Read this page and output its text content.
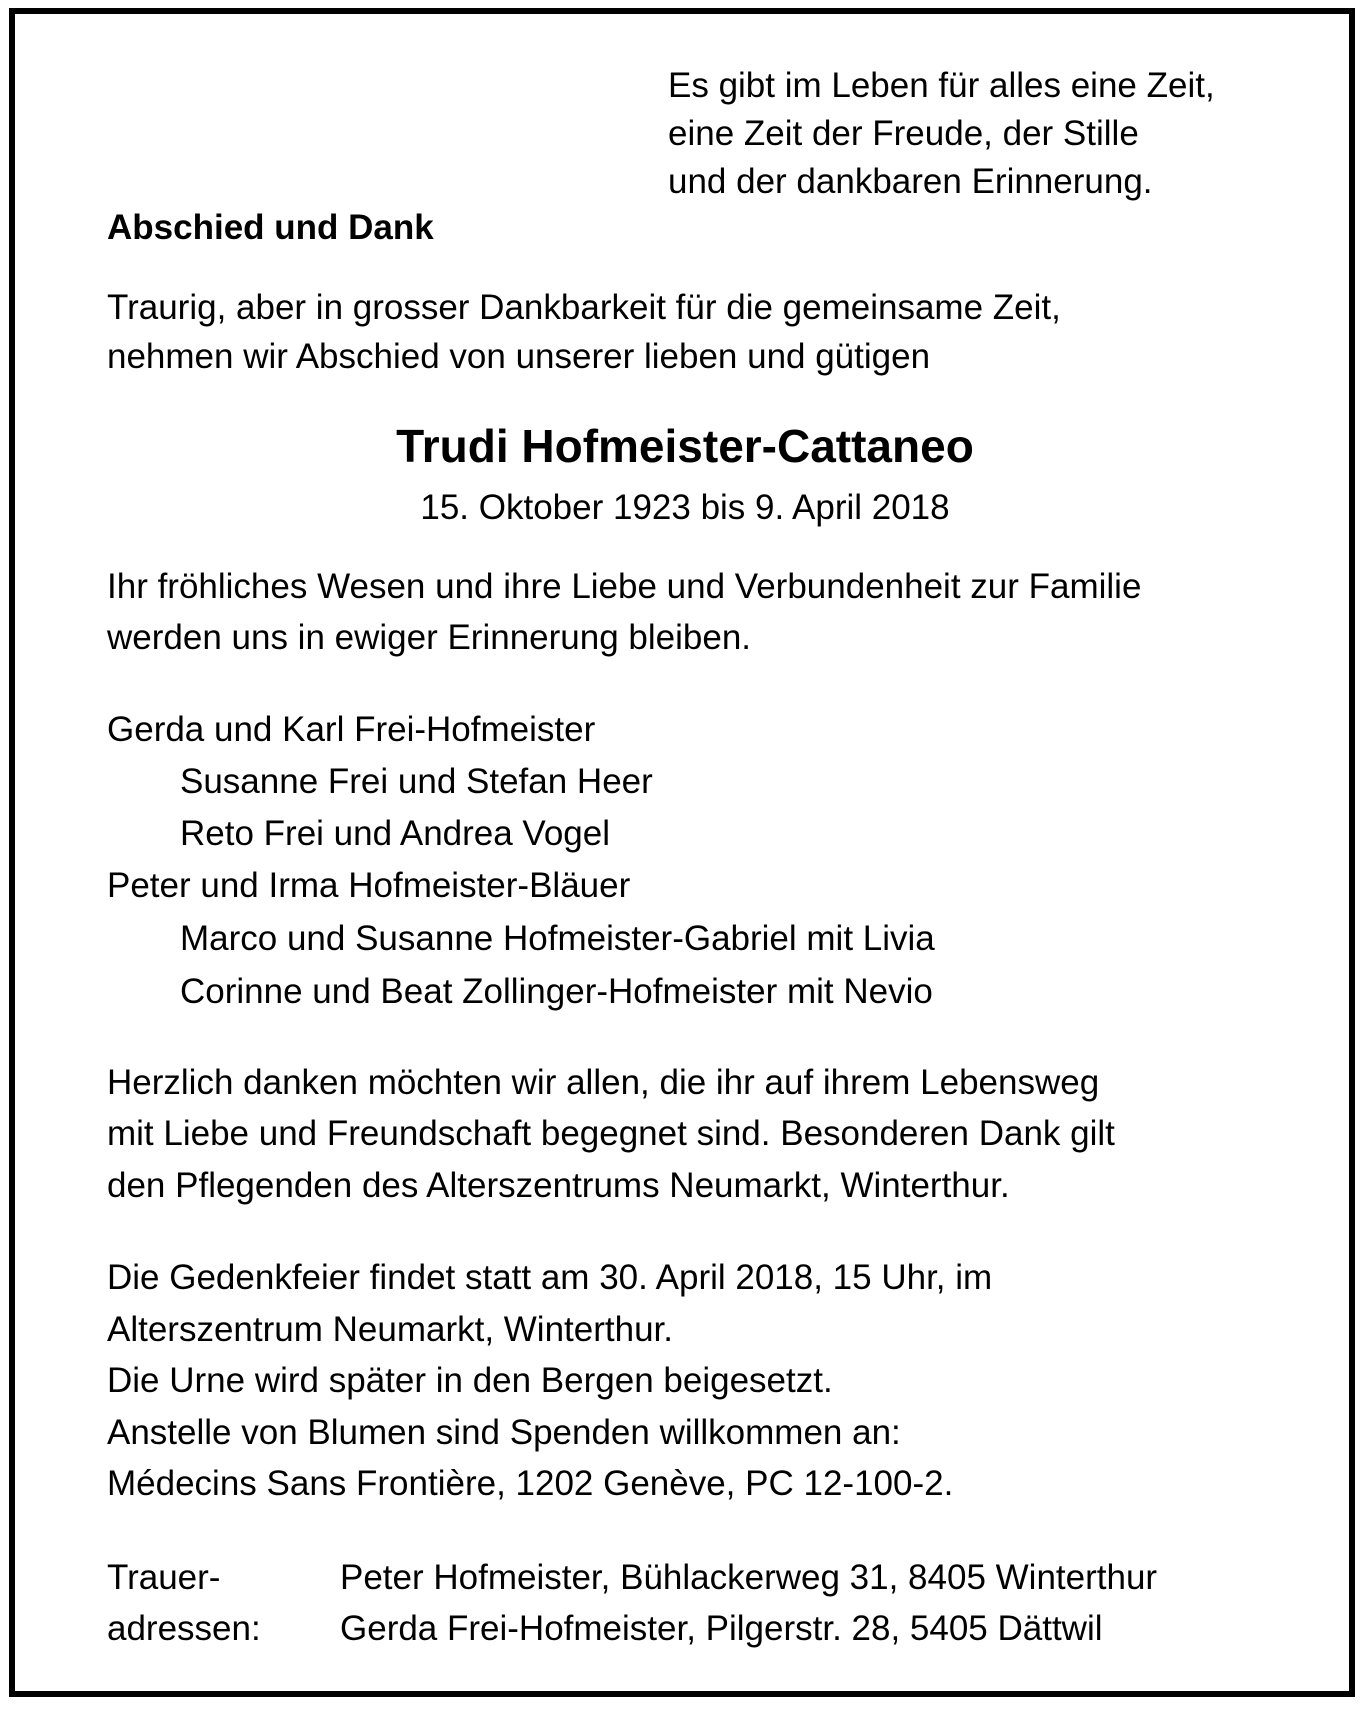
Es gibt im Leben für alles eine Zeit,
eine Zeit der Freude, der Stille
und der dankbaren Erinnerung.
Abschied und Dank
Traurig, aber in grosser Dankbarkeit für die gemeinsame Zeit,
nehmen wir Abschied von unserer lieben und gütigen
Trudi Hofmeister-Cattaneo
15. Oktober 1923 bis 9. April 2018
Ihr fröhliches Wesen und ihre Liebe und Verbundenheit zur Familie
werden uns in ewiger Erinnerung bleiben.
Gerda und Karl Frei-Hofmeister
Susanne Frei und Stefan Heer
Reto Frei und Andrea Vogel
Peter und Irma Hofmeister-Bläuer
Marco und Susanne Hofmeister-Gabriel mit Livia
Corinne und Beat Zollinger-Hofmeister mit Nevio
Herzlich danken möchten wir allen, die ihr auf ihrem Lebensweg
mit Liebe und Freundschaft begegnet sind. Besonderen Dank gilt
den Pflegenden des Alterszentrums Neumarkt, Winterthur.
Die Gedenkfeier findet statt am 30. April 2018, 15 Uhr, im
Alterszentrum Neumarkt, Winterthur.
Die Urne wird später in den Bergen beigesetzt.
Anstelle von Blumen sind Spenden willkommen an:
Médecins Sans Frontière, 1202 Genève, PC 12-100-2.
Trauer-
adressen:
Peter Hofmeister, Bühlackerweg 31, 8405 Winterthur
Gerda Frei-Hofmeister, Pilgerstr. 28, 5405 Dättwil
